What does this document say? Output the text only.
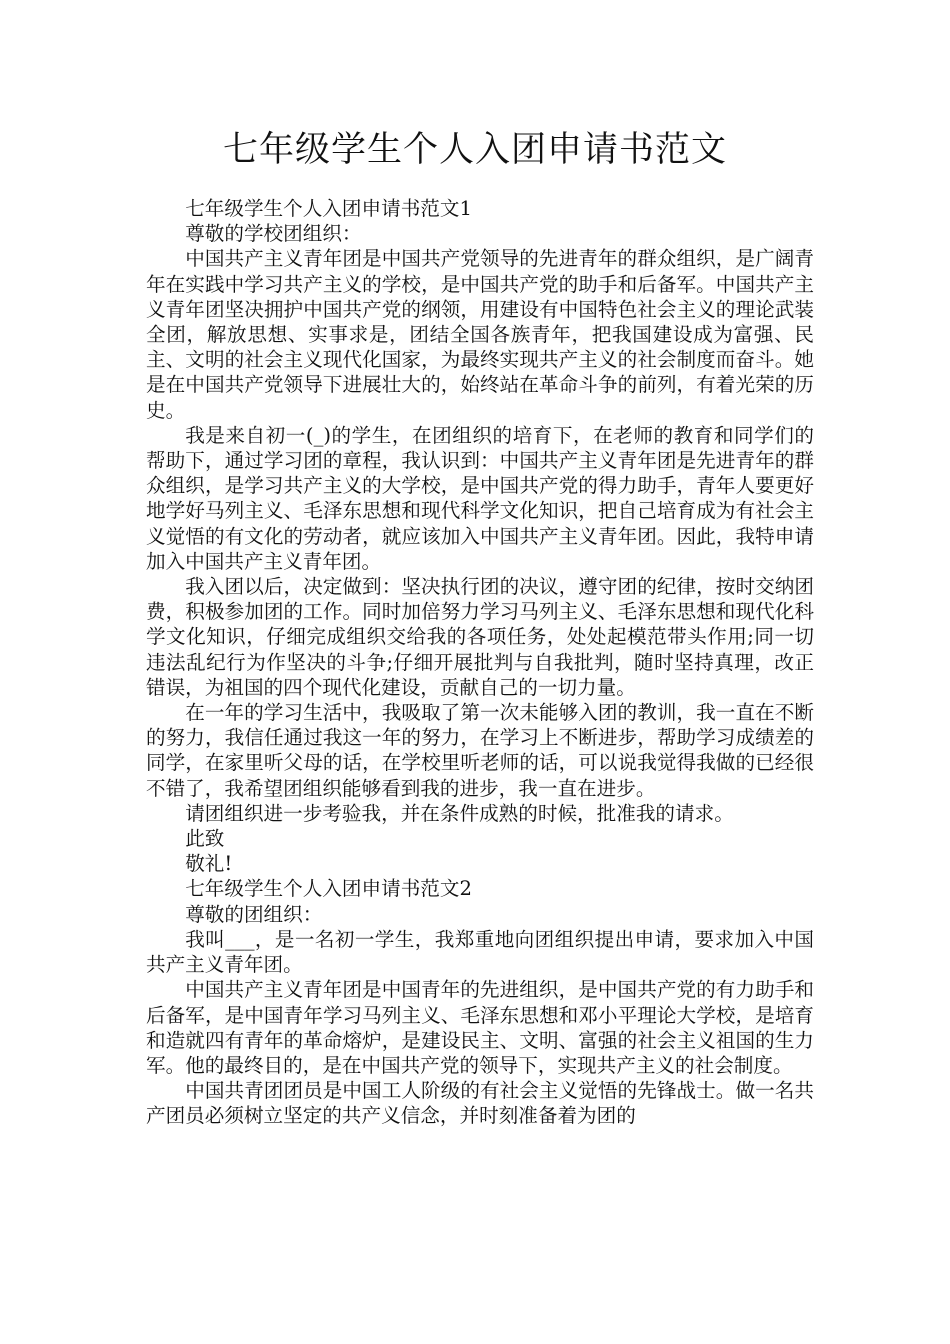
七年级学生个人入团申请书范文

七年级学生个人入团申请书范文1

尊敬的学校团组织：

中国共产主义青年团是中国共产党领导的先进青年的群众组织，是广阔青年在实践中学习共产主义的学校，是中国共产党的助手和后备军。中国共产主义青年团坚决拥护中国共产党的纲领，用建设有中国特色社会主义的理论武装全团，解放思想、实事求是，团结全国各族青年，把我国建设成为富强、民主、文明的社会主义现代化国家，为最终实现共产主义的社会制度而奋斗。她是在中国共产党领导下进展壮大的，始终站在革命斗争的前列，有着光荣的历史。

我是来自初一(_)的学生，在团组织的培育下，在老师的教育和同学们的帮助下，通过学习团的章程，我认识到：中国共产主义青年团是先进青年的群众组织，是学习共产主义的大学校，是中国共产党的得力助手，青年人要更好地学好马列主义、毛泽东思想和现代科学文化知识，把自己培育成为有社会主义觉悟的有文化的劳动者，就应该加入中国共产主义青年团。因此，我特申请加入中国共产主义青年团。

我入团以后，决定做到：坚决执行团的决议，遵守团的纪律，按时交纳团费，积极参加团的工作。同时加倍努力学习马列主义、毛泽东思想和现代化科学文化知识，仔细完成组织交给我的各项任务，处处起模范带头作用;同一切违法乱纪行为作坚决的斗争;仔细开展批判与自我批判，随时坚持真理，改正错误，为祖国的四个现代化建设，贡献自己的一切力量。

在一年的学习生活中，我吸取了第一次未能够入团的教训，我一直在不断的努力，我信任通过我这一年的努力，在学习上不断进步，帮助学习成绩差的同学，在家里听父母的话，在学校里听老师的话，可以说我觉得我做的已经很不错了，我希望团组织能够看到我的进步，我一直在进步。

请团组织进一步考验我，并在条件成熟的时候，批准我的请求。

此致

敬礼!

七年级学生个人入团申请书范文2

尊敬的团组织：

我叫___，是一名初一学生，我郑重地向团组织提出申请，要求加入中国共产主义青年团。

中国共产主义青年团是中国青年的先进组织，是中国共产党的有力助手和后备军，是中国青年学习马列主义、毛泽东思想和邓小平理论大学校，是培育和造就四有青年的革命熔炉，是建设民主、文明、富强的社会主义祖国的生力军。他的最终目的，是在中国共产党的领导下，实现共产主义的社会制度。

中国共青团团员是中国工人阶级的有社会主义觉悟的先锋战士。做一名共产团员必须树立坚定的共产义信念，并时刻准备着为团的
